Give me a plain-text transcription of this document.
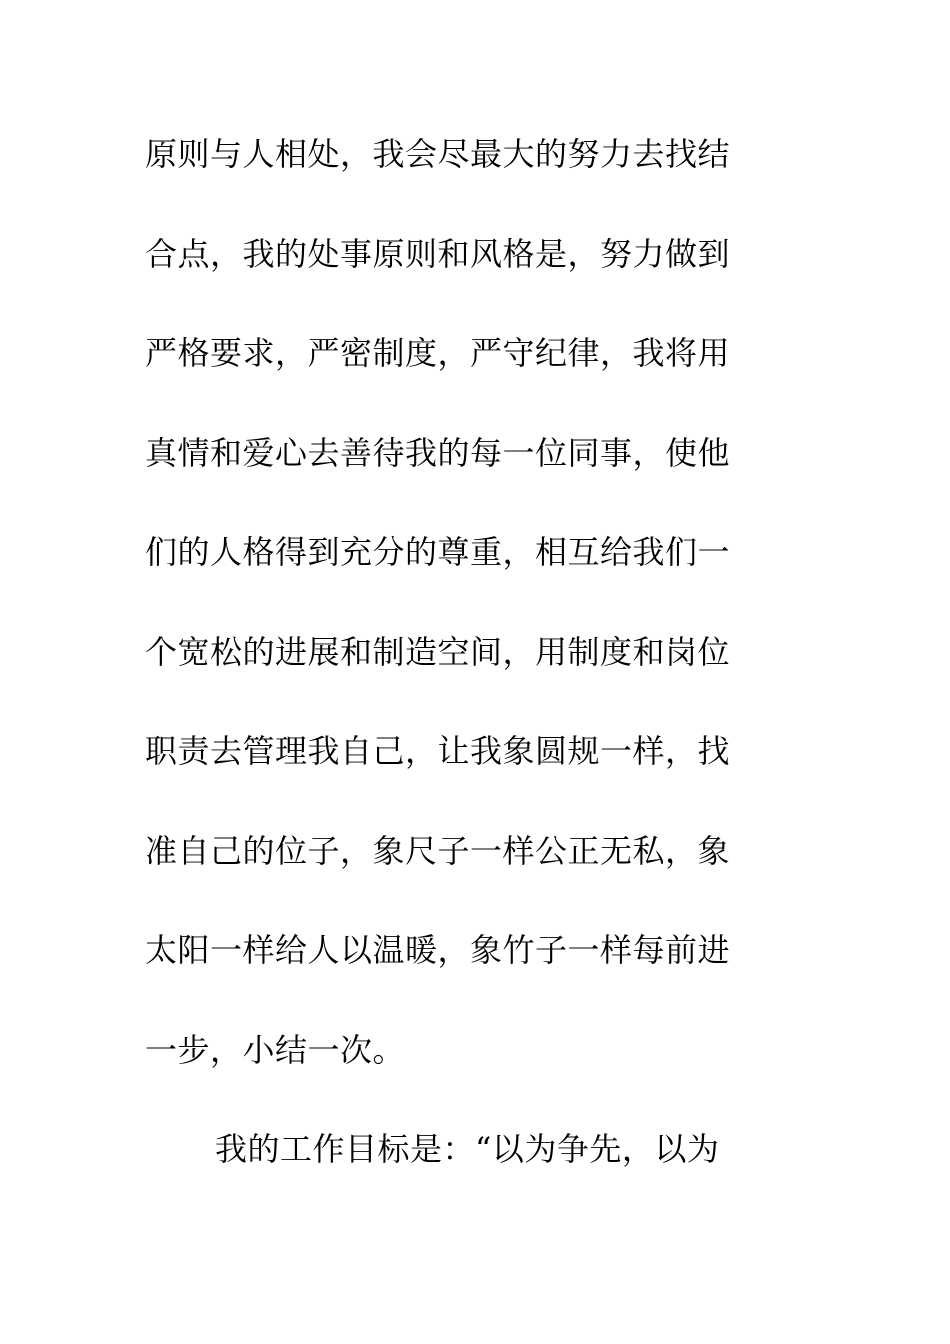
原则与人相处，我会尽最大的努力去找结
合点，我的处事原则和风格是，努力做到
严格要求，严密制度，严守纪律，我将用
真情和爱心去善待我的每一位同事，使他
们的人格得到充分的尊重，相互给我们一
个宽松的进展和制造空间，用制度和岗位
职责去管理我自己，让我象圆规一样，找
准自己的位子，象尺子一样公正无私，象
太阳一样给人以温暖，象竹子一样每前进
一步，小结一次。
我的工作目标是：“以为争先，以为
